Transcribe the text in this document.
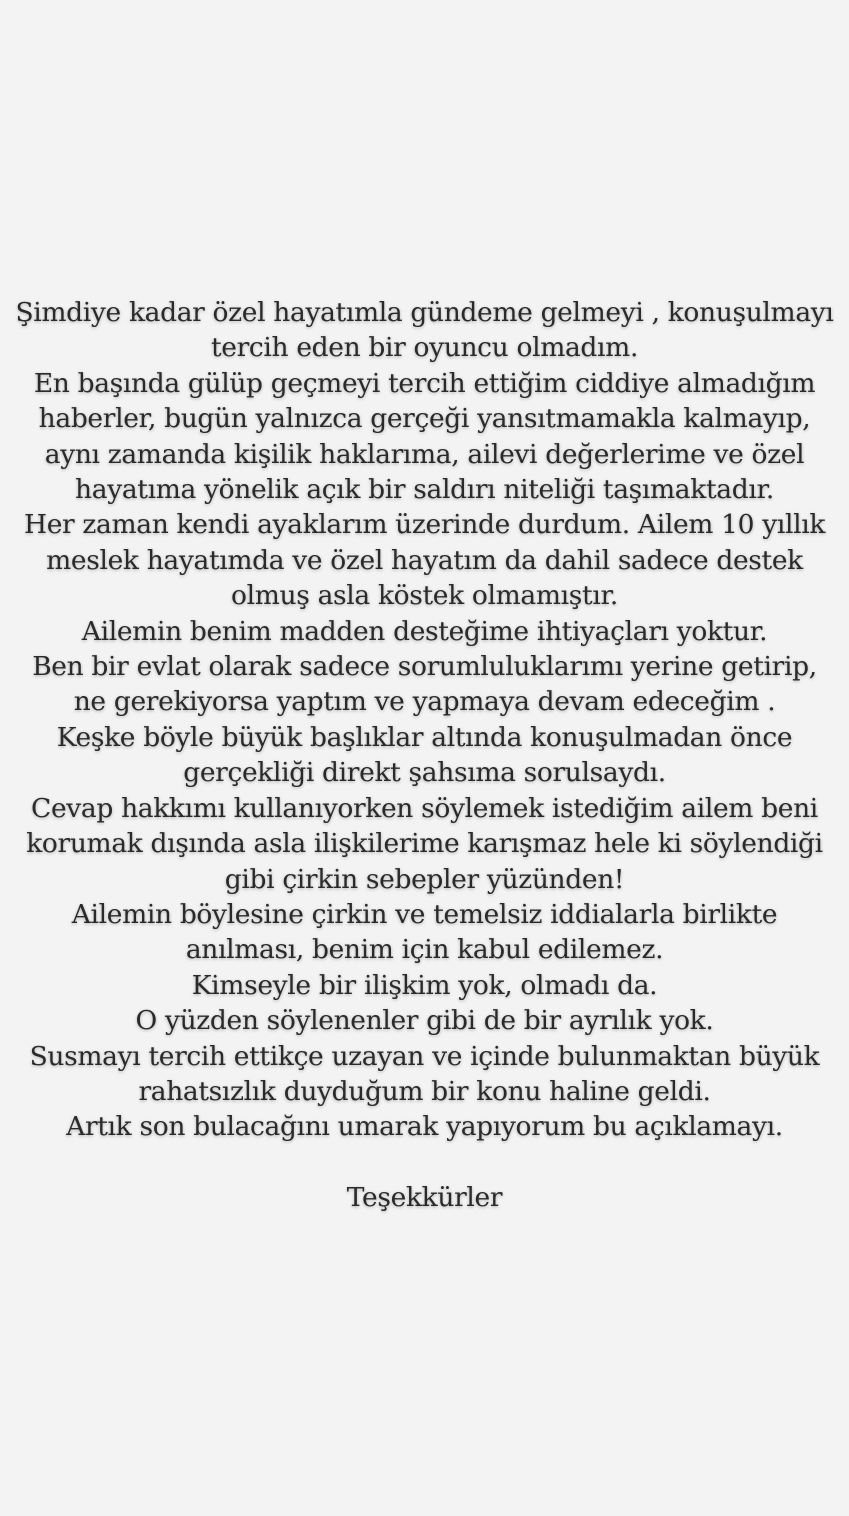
Şimdiye kadar özel hayatımla gündeme gelmeyi , konuşulmayı
tercih eden bir oyuncu olmadım.
En başında gülüp geçmeyi tercih ettiğim ciddiye almadığım
haberler, bugün yalnızca gerçeği yansıtmamakla kalmayıp,
aynı zamanda kişilik haklarıma, ailevi değerlerime ve özel
hayatıma yönelik açık bir saldırı niteliği taşımaktadır.
Her zaman kendi ayaklarım üzerinde durdum. Ailem 10 yıllık
meslek hayatımda ve özel hayatım da dahil sadece destek
olmuş asla köstek olmamıştır.
Ailemin benim madden desteğime ihtiyaçları yoktur.
Ben bir evlat olarak sadece sorumluluklarımı yerine getirip,
ne gerekiyorsa yaptım ve yapmaya devam edeceğim .
Keşke böyle büyük başlıklar altında konuşulmadan önce
gerçekliği direkt şahsıma sorulsaydı.
Cevap hakkımı kullanıyorken söylemek istediğim ailem beni
korumak dışında asla ilişkilerime karışmaz hele ki söylendiği
gibi çirkin sebepler yüzünden!
Ailemin böylesine çirkin ve temelsiz iddialarla birlikte
anılması, benim için kabul edilemez.
Kimseyle bir ilişkim yok, olmadı da.
O yüzden söylenenler gibi de bir ayrılık yok.
Susmayı tercih ettikçe uzayan ve içinde bulunmaktan büyük
rahatsızlık duyduğum bir konu haline geldi.
Artık son bulacağını umarak yapıyorum bu açıklamayı.
Teşekkürler
